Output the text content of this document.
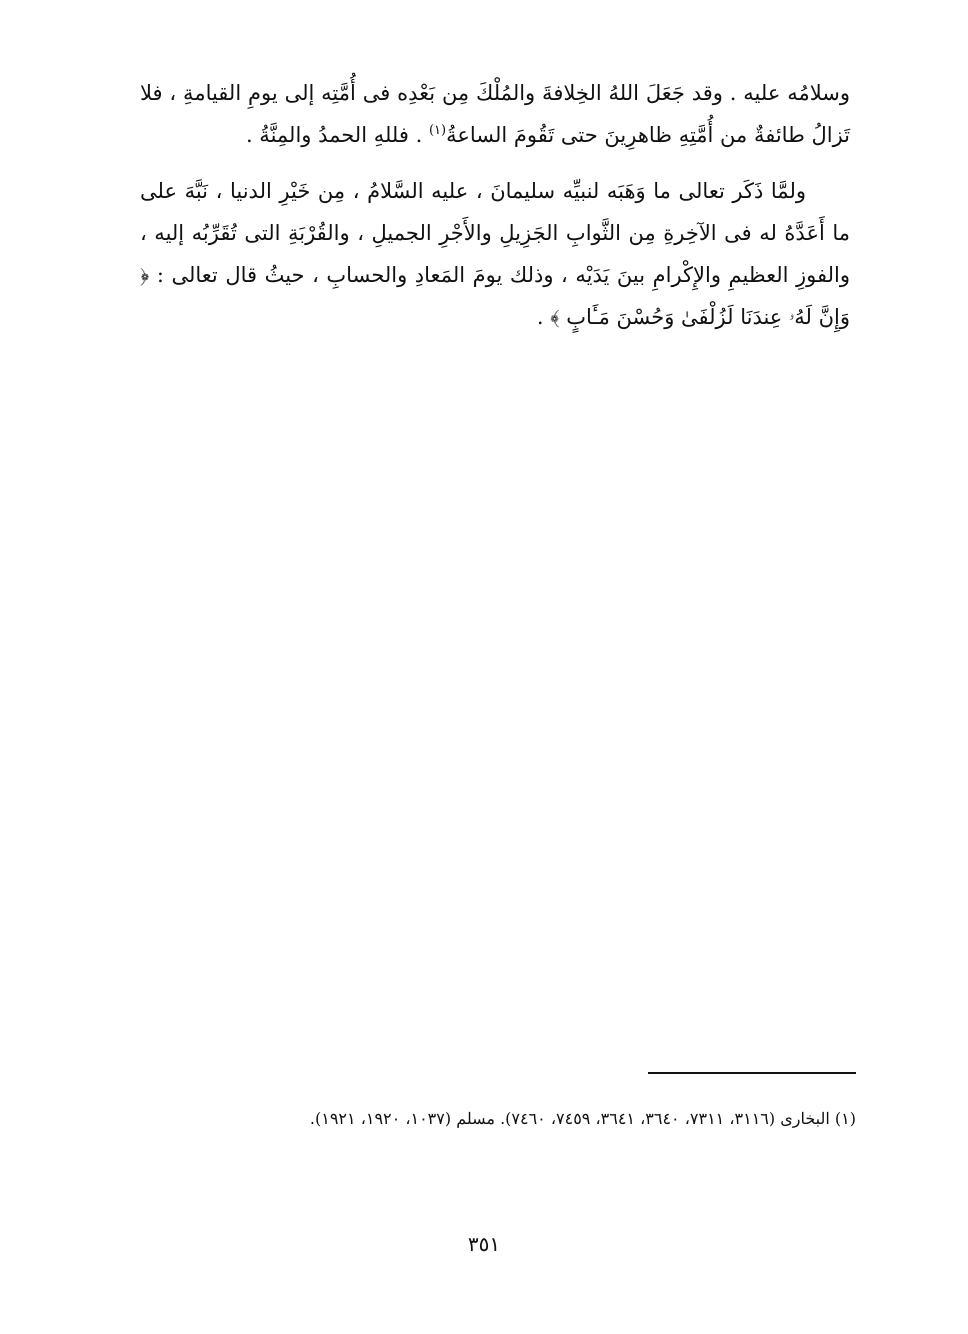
وسلامُه عليه . وقد جَعَلَ اللهُ الخِلافةَ والمُلْكَ مِن بَعْدِه فى أُمَّتِه إلى يومِ القيامةِ ، فلا تَزالُ طائفةٌ من أُمَّتِهِ ظاهرِينَ حتى تَقُومَ الساعةُ$^{(١)}$ . فللهِ الحمدُ والمِنَّةُ .

ولمَّا ذَكَر تعالى ما وَهَبَه لنبيِّه سليمانَ ، عليه السَّلامُ ، مِن خَيْرِ الدنيا ، نَبَّهَ على ما أَعَدَّهُ له فى الآخِرةِ مِن الثَّوابِ الجَزِيلِ والأَجْرِ الجميلِ ، والقُرْبَةِ التى تُقَرِّبُه إليه ، والفوزِ العظيمِ والإِكْرامِ بينَ يَدَيْه ، وذلك يومَ المَعادِ والحسابِ ، حيثُ قال تعالى : ﴿ وَإِنَّ لَهُۥ عِندَنَا لَزُلْفَىٰ وَحُسْنَ مَـَٔابٍ ﴾ .

(١) البخارى (٣١١٦، ٧٣١١، ٣٦٤٠، ٣٦٤١، ٧٤٥٩، ٧٤٦٠). مسلم (١٠٣٧، ١٩٢٠، ١٩٢١).
٣٥١
